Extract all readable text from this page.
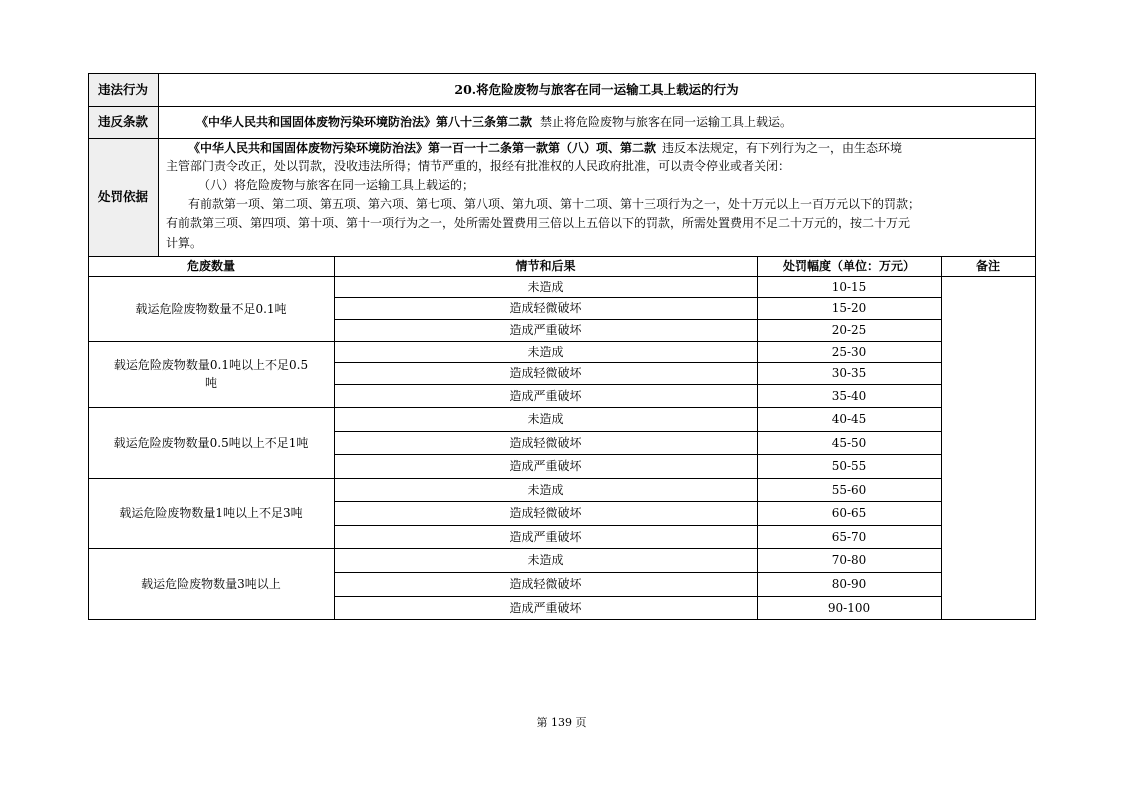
违法行为	20.将危险废物与旅客在同一运输工具上载运的行为
违反条款	《中华人民共和国固体废物污染环境防治法》第八十三条第二款 禁止将危险废物与旅客在同一运输工具上载运。
处罚依据
《中华人民共和国固体废物污染环境防治法》第一百一十二条第一款第（八）项、第二款 违反本法规定，有下列行为之一，由生态环境
主管部门责令改正，处以罚款，没收违法所得；情节严重的，报经有批准权的人民政府批准，可以责令停业或者关闭：
（八）将危险废物与旅客在同一运输工具上载运的；
有前款第一项、第二项、第五项、第六项、第七项、第八项、第九项、第十二项、第十三项行为之一，处十万元以上一百万元以下的罚款；
有前款第三项、第四项、第十项、第十一项行为之一，处所需处置费用三倍以上五倍以下的罚款，所需处置费用不足二十万元的，按二十万元
计算。
危废数量	情节和后果	处罚幅度（单位：万元）	备注
载运危险废物数量不足0.1吨
未造成	10-15
造成轻微破坏	15-20
造成严重破坏	20-25
载运危险废物数量0.1吨以上不足0.5
吨
未造成	25-30
造成轻微破坏	30-35
造成严重破坏	35-40
载运危险废物数量0.5吨以上不足1吨
未造成	40-45
造成轻微破坏	45-50
造成严重破坏	50-55
载运危险废物数量1吨以上不足3吨
未造成	55-60
造成轻微破坏	60-65
造成严重破坏	65-70
载运危险废物数量3吨以上
未造成	70-80
造成轻微破坏	80-90
造成严重破坏	90-100
第 139 页
